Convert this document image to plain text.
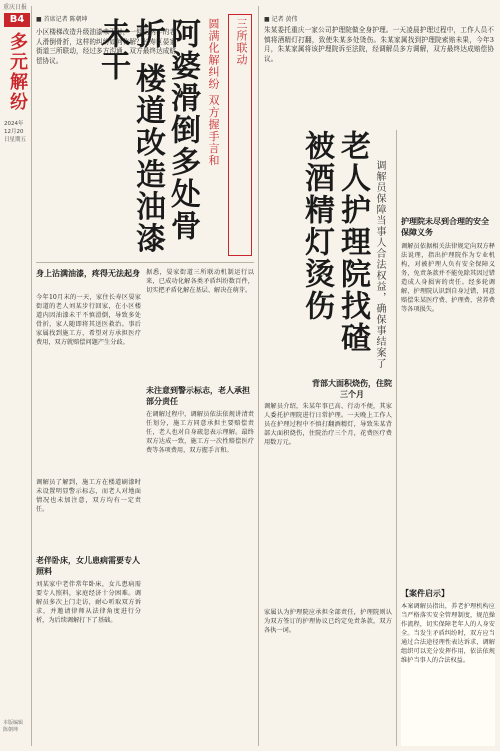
重庆日报
B4
多元解纷
2024年12月20日星期五
■ 首席记者 陈朝坤
小区楼梯改造升级油漆未干时，一伸出两手的老人滑倒骨折，这样的纠纷如何化解？长寿区晏家街道三所联动，经过多方沟通，双方最终达成赔偿协议。	三所联动
圆满化解纠纷 双方握手言和
阿婆滑倒多处骨折 楼道改造油漆未干
身上沾满油漆，疼得无法起身
今年10月末的一天，家住长寿区晏家街道的老人刘某步行回家，在小区楼道内因油漆未干不慎滑倒，导致多处骨折，家人随即将其送医救治。事后家属找到施工方，希望对方承担医疗费用，双方就赔偿问题产生分歧。
调解员了解到，施工方在楼道刷漆时未设置明显警示标志，而老人对地面情况也未加注意，双方均有一定责任。
老伴卧床，女儿患病需要专人照料
刘某家中老伴常年卧床，女儿患病需要专人照料，家庭经济十分困难。调解员多次上门走访，耐心听取双方诉求，并邀请律师从法律角度进行分析，为后续调解打下了基础。
据悉，晏家街道三所联动机制运行以来，已成功化解各类矛盾纠纷数百件，切实把矛盾化解在基层、解决在萌芽。
未注意到警示标志，老人承担部分责任
在调解过程中，调解员依法依规讲清责任划分，施工方同意承担主要赔偿责任，老人也对自身疏忽表示理解。最终双方达成一致，施工方一次性赔偿医疗费等各项费用，双方握手言和。
■ 记者 黄伟
朱某委托重庆一家公司护理院做全身护理。一天凌晨护理过程中，工作人员不慎将酒精灯打翻，致使朱某多处烫伤。朱某家属找到护理院索赔未果，今年3月，朱某家属将该护理院诉至法院，经调解员多方调解，双方最终达成赔偿协议。
调解员保障当事人合法权益，确保事结案了
老人护理院找碴 被酒精灯烫伤
背部大面积烧伤，住院三个月
调解员介绍，朱某年事已高、行动不便，其家人委托护理院进行日常护理。一天晚上工作人员在护理过程中不慎打翻酒精灯，导致朱某背部大面积烧伤，住院治疗三个月，花费医疗费用数万元。
家属认为护理院应承担全部责任，护理院则认为双方签订的护理协议已约定免责条款，双方各执一词。
护理院未尽到合理的安全保障义务
调解员依据相关法律规定向双方释法说理，指出护理院作为专业机构，对被护理人负有安全保障义务，免责条款并不能免除其因过错造成人身损害的责任。经多轮调解，护理院认识到自身过错，同意赔偿朱某医疗费、护理费、营养费等各项损失。
【案件启示】
本案调解员指出，养老护理机构应当严格落实安全管理制度，规范操作流程，切实保障老年人的人身安全。当发生矛盾纠纷时，双方应当通过合法途径理性表达诉求，调解组织可以充分发挥作用，依法依规维护当事人的合法权益。
本版编辑 陈朝坤
